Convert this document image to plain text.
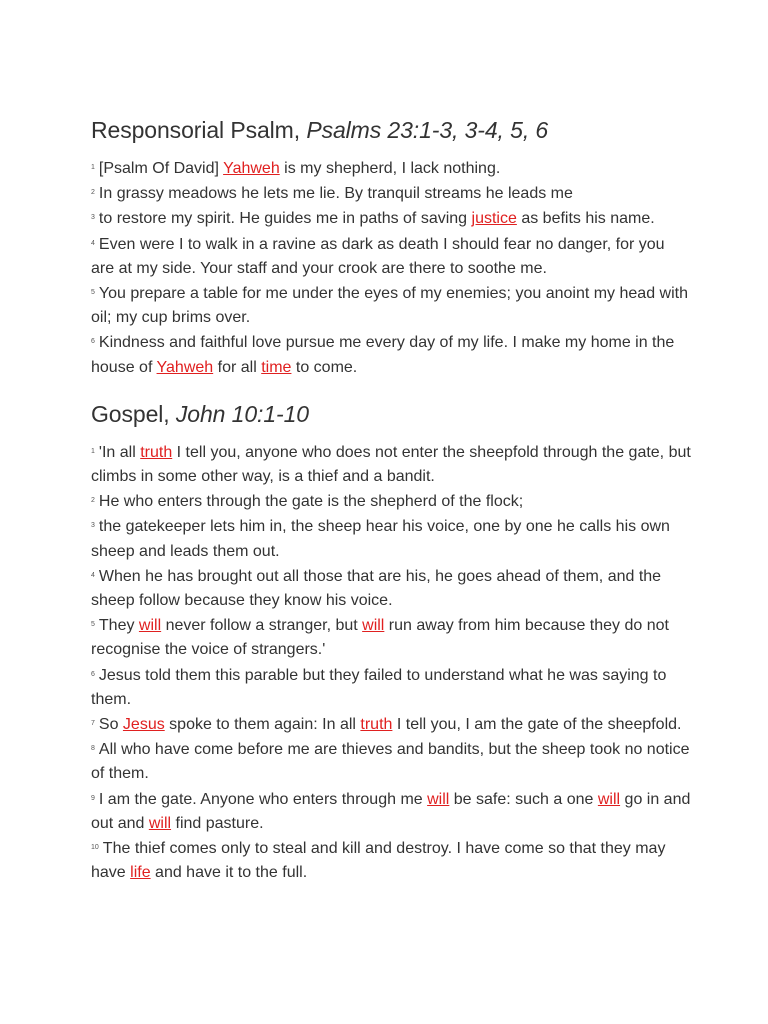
Responsorial Psalm, Psalms 23:1-3, 3-4, 5, 6

$^1$ [Psalm Of David] Yahweh is my shepherd, I lack nothing.

$^2$ In grassy meadows he lets me lie. By tranquil streams he leads me

$^3$ to restore my spirit. He guides me in paths of saving justice as befits his name.

$^4$ Even were I to walk in a ravine as dark as death I should fear no danger, for you are at my side. Your staff and your crook are there to soothe me.

$^5$ You prepare a table for me under the eyes of my enemies; you anoint my head with oil; my cup brims over.

$^6$ Kindness and faithful love pursue me every day of my life. I make my home in the house of Yahweh for all time to come.

Gospel, John 10:1-10

$^1$ 'In all truth I tell you, anyone who does not enter the sheepfold through the gate, but climbs in some other way, is a thief and a bandit.

$^2$ He who enters through the gate is the shepherd of the flock;

$^3$ the gatekeeper lets him in, the sheep hear his voice, one by one he calls his own sheep and leads them out.

$^4$ When he has brought out all those that are his, he goes ahead of them, and the sheep follow because they know his voice.

$^5$ They will never follow a stranger, but will run away from him because they do not recognise the voice of strangers.'

$^6$ Jesus told them this parable but they failed to understand what he was saying to them.

$^7$ So Jesus spoke to them again: In all truth I tell you, I am the gate of the sheepfold.

$^8$ All who have come before me are thieves and bandits, but the sheep took no notice of them.

$^9$ I am the gate. Anyone who enters through me will be safe: such a one will go in and out and will find pasture.

$^{10}$ The thief comes only to steal and kill and destroy. I have come so that they may have life and have it to the full.
